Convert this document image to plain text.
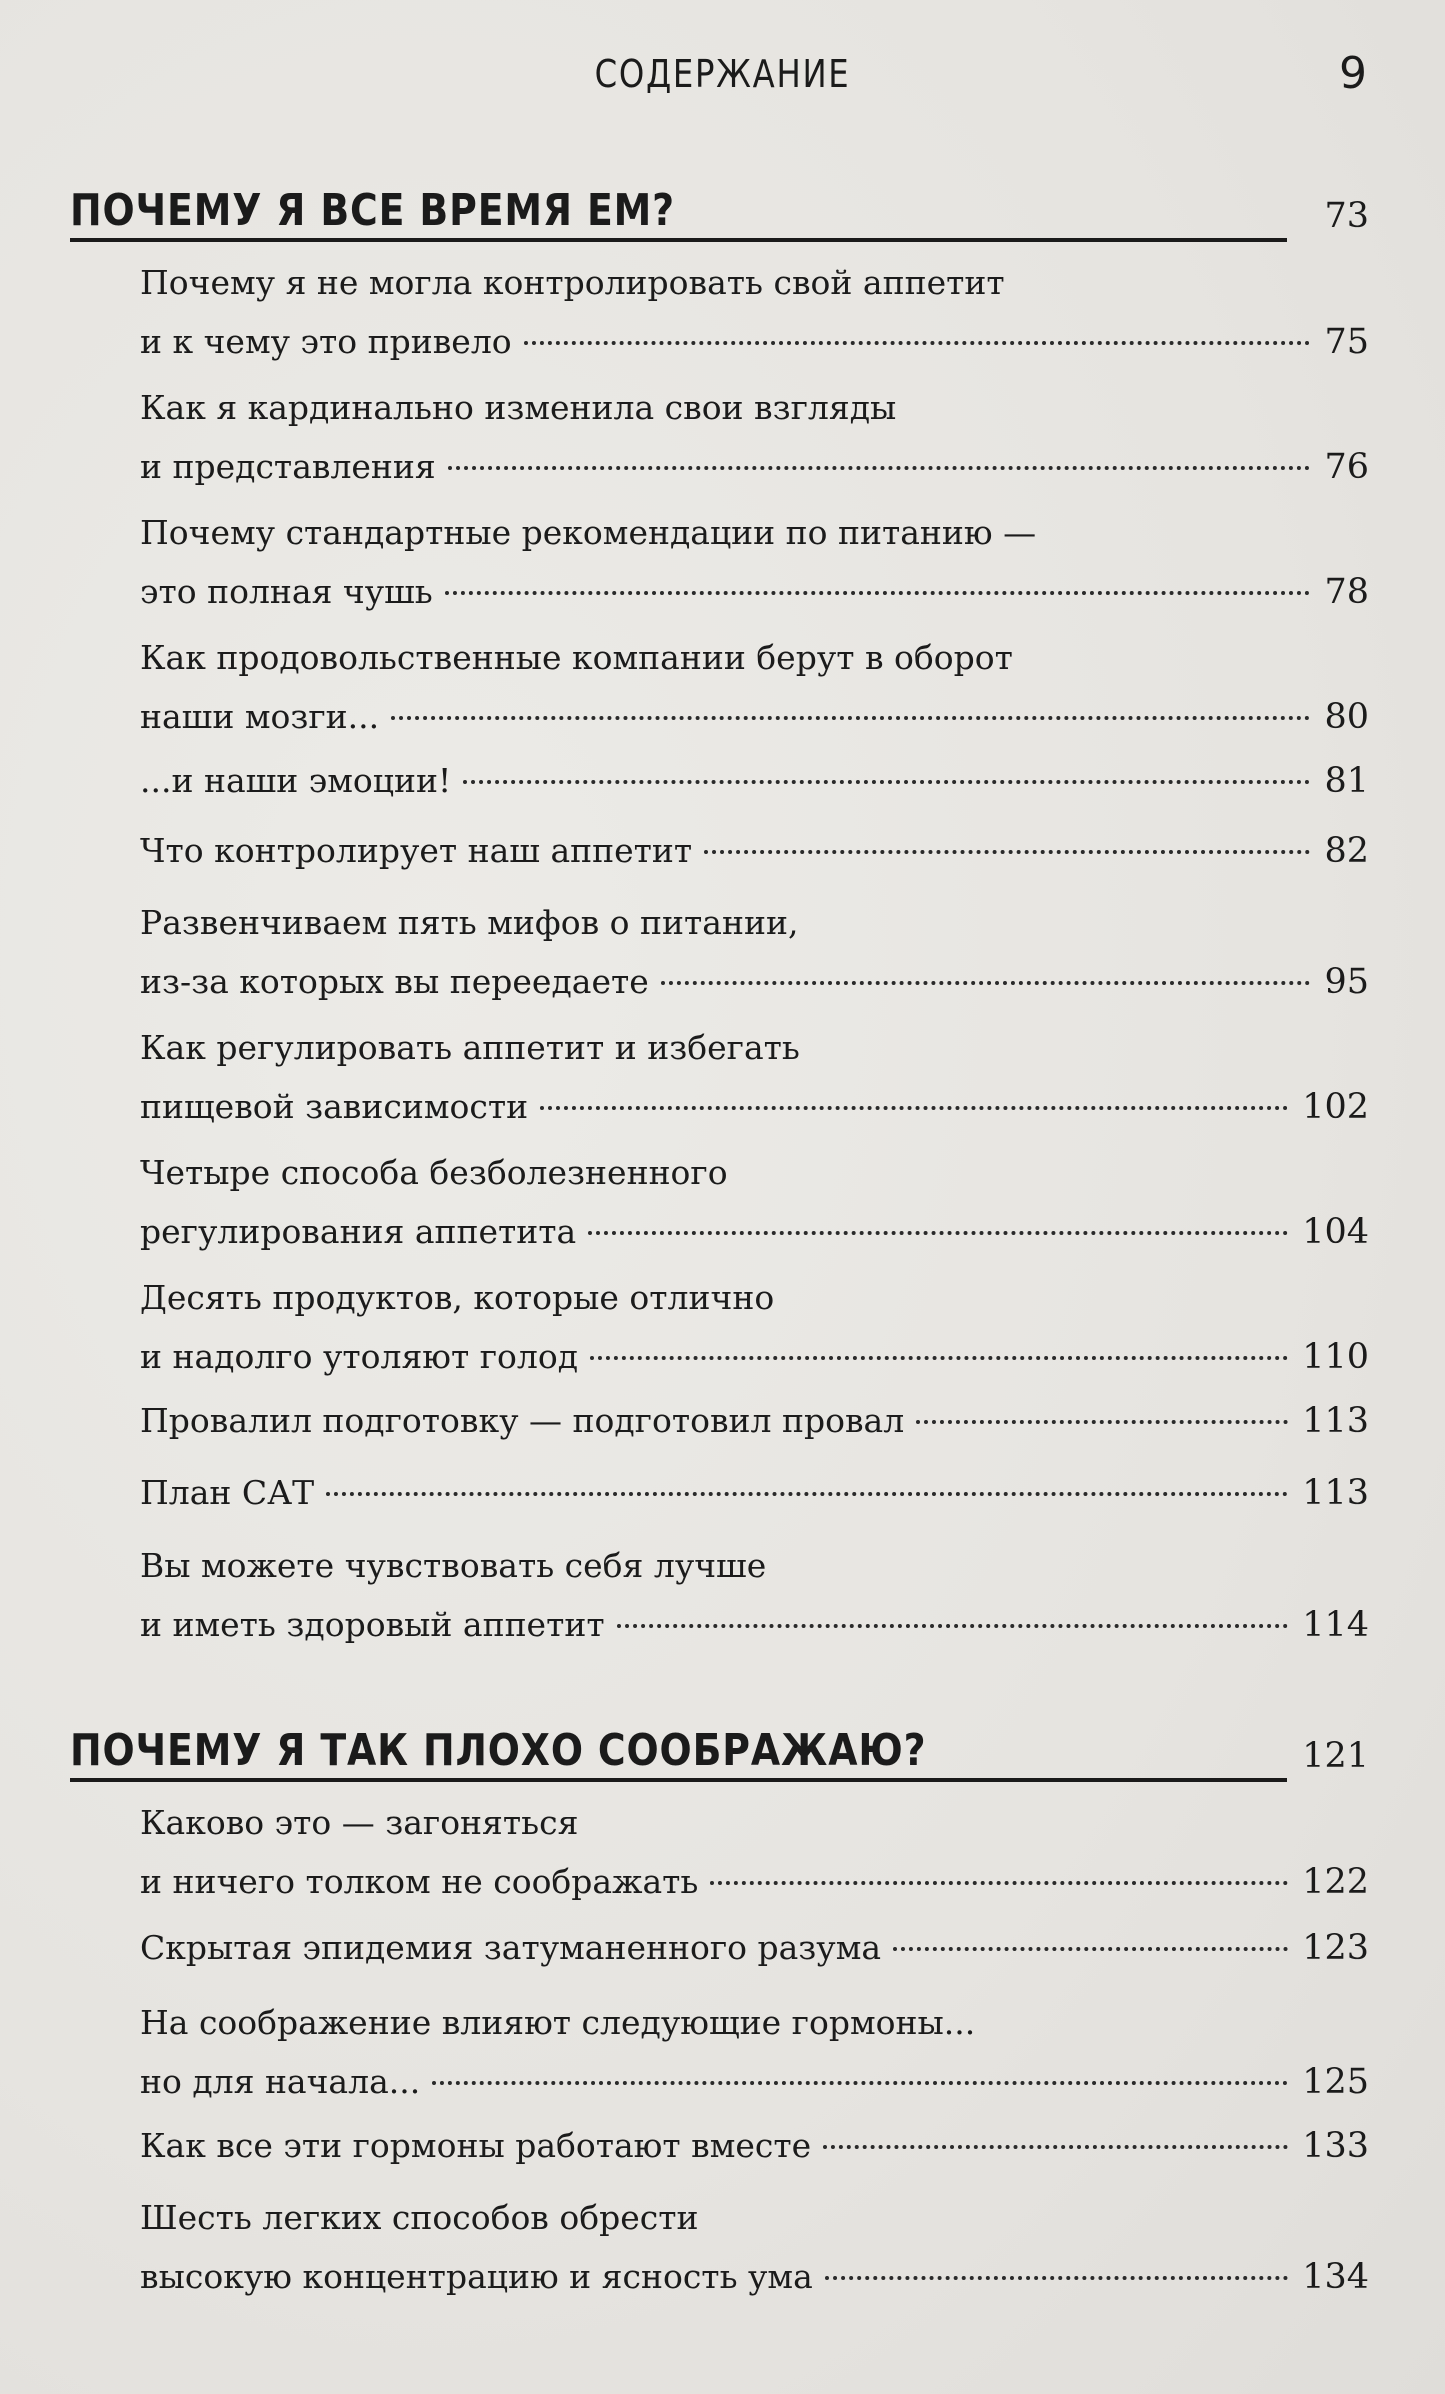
СОДЕРЖАНИЕ	9
ПОЧЕМУ Я ВСЕ ВРЕМЯ ЕМ?	73
Почему я не могла контролировать свой аппетит
и к чему это привело	75
Как я кардинально изменила свои взгляды
и представления	76
Почему стандартные рекомендации по питанию —
это полная чушь	78
Как продовольственные компании берут в оборот
наши мозги...	80
...и наши эмоции!	81
Что контролирует наш аппетит	82
Развенчиваем пять мифов о питании,
из-за которых вы переедаете	95
Как регулировать аппетит и избегать
пищевой зависимости	102
Четыре способа безболезненного
регулирования аппетита	104
Десять продуктов, которые отлично
и надолго утоляют голод	110
Провалил подготовку — подготовил провал	113
План САТ	113
Вы можете чувствовать себя лучше
и иметь здоровый аппетит	114
ПОЧЕМУ Я ТАК ПЛОХО СООБРАЖАЮ?	121
Каково это — загоняться
и ничего толком не соображать	122
Скрытая эпидемия затуманенного разума	123
На соображение влияют следующие гормоны...
но для начала...	125
Как все эти гормоны работают вместе	133
Шесть легких способов обрести
высокую концентрацию и ясность ума	134
